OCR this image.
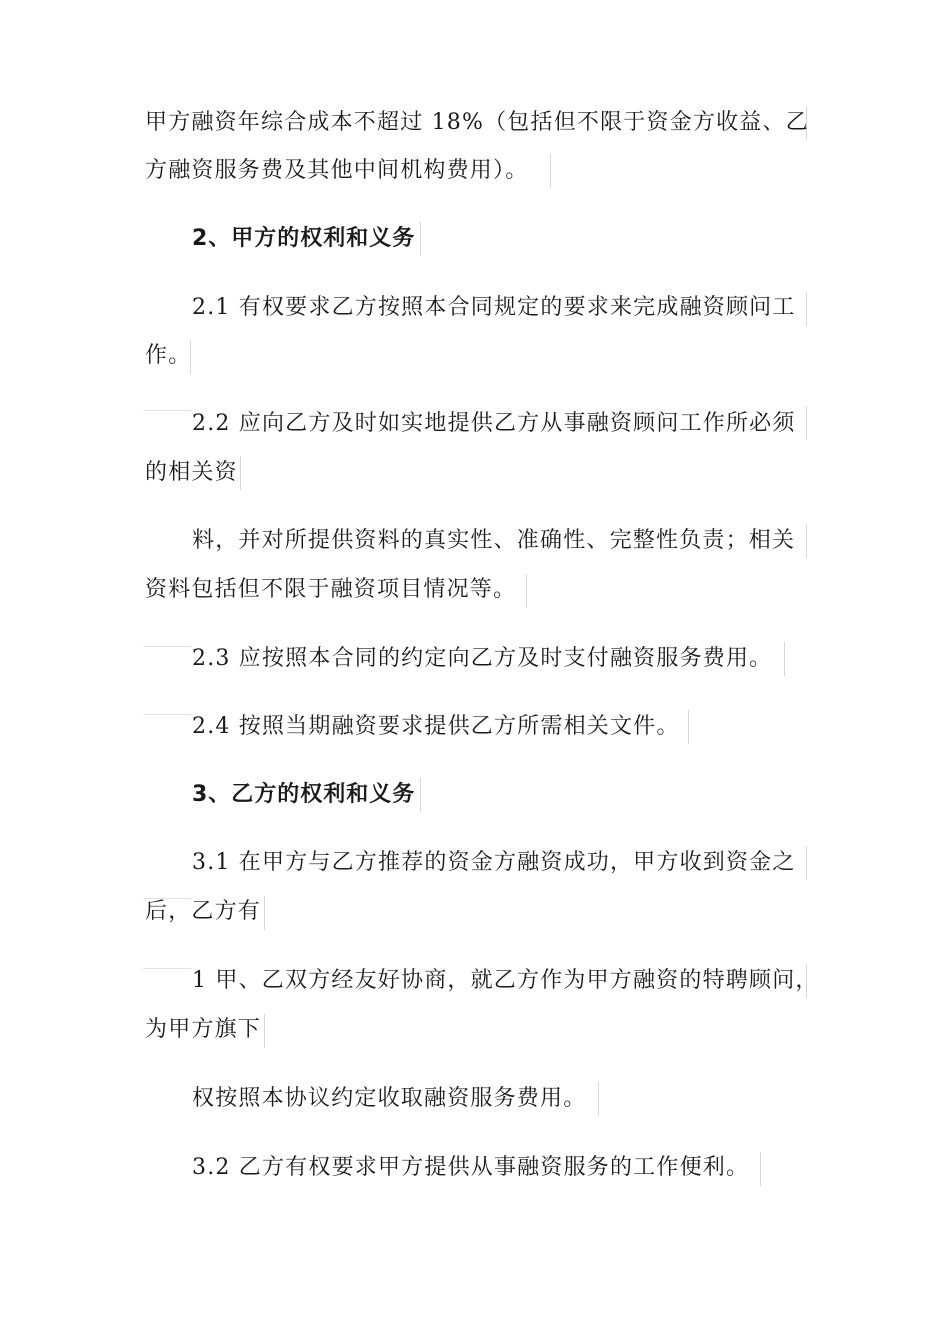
甲方融资年综合成本不超过 18%（包括但不限于资金方收益、乙

方融资服务费及其他中间机构费用）。

2、甲方的权利和义务

2.1 有权要求乙方按照本合同规定的要求来完成融资顾问工

作。

2.2 应向乙方及时如实地提供乙方从事融资顾问工作所必须

的相关资

料，并对所提供资料的真实性、准确性、完整性负责；相关

资料包括但不限于融资项目情况等。

2.3 应按照本合同的约定向乙方及时支付融资服务费用。

2.4 按照当期融资要求提供乙方所需相关文件。

3、乙方的权利和义务

3.1 在甲方与乙方推荐的资金方融资成功，甲方收到资金之

后，乙方有

1 甲、乙双方经友好协商，就乙方作为甲方融资的特聘顾问，

为甲方旗下

权按照本协议约定收取融资服务费用。

3.2 乙方有权要求甲方提供从事融资服务的工作便利。
